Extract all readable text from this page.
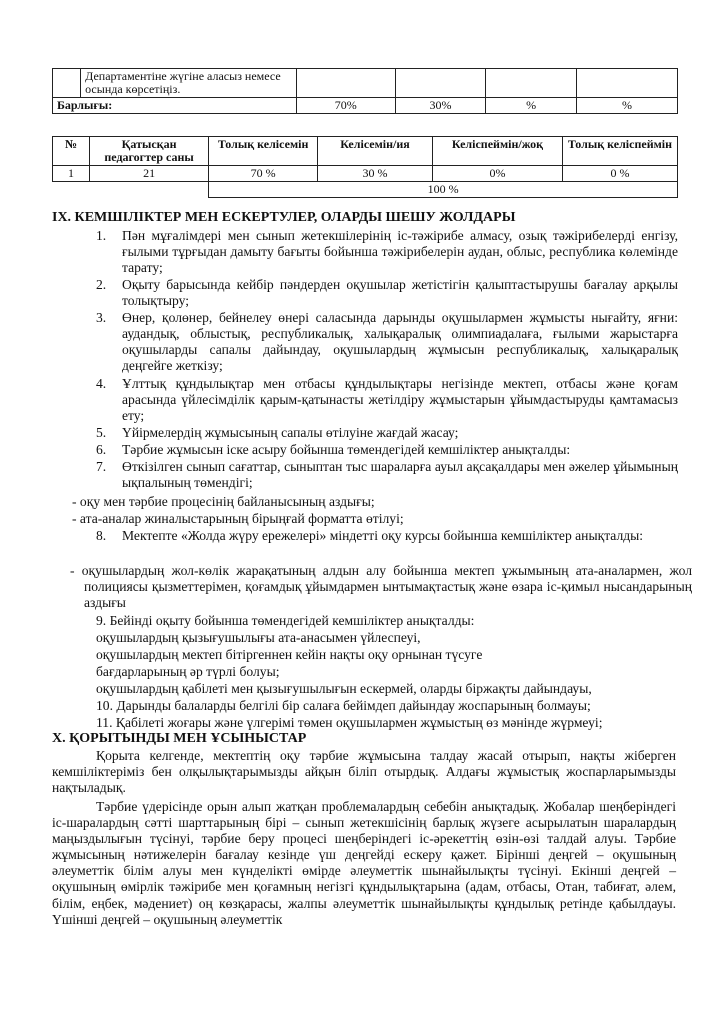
	Департаментіне жүгіне алаcыз немесе осында көрсетіңіз.				
Барлығы:		70%	30%	%	%
№	Қатысқан педагогтер саны	Толық келісемін	Келісемін/ия	Келіспеймін/жоқ	Толық келіспеймін
1	21	70 %	30 %	0%	0 %
		100 %			
IX. КЕМШІЛІКТЕР МЕН ЕСКЕРТУЛЕР, ОЛАРДЫ ШЕШУ ЖОЛДАРЫ
1. Пән мұғалімдері мен сынып жетекшілерінің іс-тәжірибе алмасу, озық тәжірибелерді енгізу, ғылыми тұрғыдан дамыту бағыты бойынша тәжірибелерін аудан, облыс, республика көлемінде тарату;
2. Оқыту барысында кейбір пәндерден оқушылар жетістігін қалыптастырушы бағалау арқылы толықтыру;
3. Өнер, қолөнер, бейнелеу өнері саласында дарынды оқушылармен жұмысты нығайту, яғни: аудандық, облыстық, республикалық, халықаралық олимпиадалаға, ғылыми жарыстарға оқушыларды сапалы дайындау, оқушылардың жұмысын республикалық, халықаралық деңгейге жеткізу;
4. Ұлттық құндылықтар мен отбасы құндылықтары негізінде мектеп, отбасы және қоғам арасында үйлесімділік қарым-қатынасты жетілдіру жұмыстарын ұйымдастыруды қамтамасыз ету;
5. Үйірмелердің жұмысының сапалы өтілуіне жағдай жасау;
6. Тәрбие жұмысын іске асыру бойынша төмендегідей кемшіліктер анықталды:
7. Өткізілген сынып сағаттар, сыныптан тыс шараларға ауыл ақсақалдары мен әжелер ұйымының ықпалының төмендігі;
- оқу мен тәрбие процесінің байланысының аздығы;
- ата-аналар жиналыстарының бірыңғай форматта өтілуі;
8. Мектепте «Жолда жүру ережелері» міндетті оқу курсы бойынша кемшіліктер анықталды:
- оқушылардың жол-көлік жарақатының алдын алу бойынша мектеп ұжымының ата-аналармен, жол полициясы қызметтерімен, қоғамдық ұйымдармен ынтымақтастық және өзара іс-қимыл нысандарының аздығы
9. Бейінді оқыту бойынша төмендегідей кемшіліктер анықталды:
оқушылардың қызығушылығы ата-анасымен үйлеспеуі,
оқушылардың мектеп бітіргеннен кейін нақты оқу орнынан түсуге
бағдарларының әр түрлі болуы;
оқушылардың қабілеті мен қызығушылығын ескермей, оларды біржақты дайындауы,
10. Дарынды балаларды белгілі бір салаға бейімдеп дайындау жоспарының болмауы;
11. Қабілеті жоғары және үлгерімі төмен оқушылармен жұмыстың өз мәнінде жүрмеуі;
X. ҚОРЫТЫНДЫ МЕН ҰСЫНЫСТАР
Қорыта келгенде, мектептің оқу тәрбие жұмысына талдау жасай отырып, нақты жіберген кемшіліктеріміз бен олқылықтарымызды айқын біліп отырдық. Алдағы жұмыстық жоспарларымызды нақтыладық.
Тәрбие үдерісінде орын алып жатқан проблемалардың себебін анықтадық. Жобалар шеңберіндегі іс-шаралардың сәтті шарттарының бірі – сынып жетекшісінің барлық жүзеге асырылатын шаралардың маңыздылығын түсінуі, тәрбие беру процесі шеңберіндегі іс-әрекеттің өзін-өзі талдай алуы. Тәрбие жұмысының нәтижелерін бағалау кезінде үш деңгейді ескеру қажет. Бірінші деңгей – оқушының әлеуметтік білім алуы мен күнделікті өмірде әлеуметтік шынайылықты түсінуі. Екінші деңгей – оқушының өмірлік тәжірибе мен қоғамның негізгі құндылықтарына (адам, отбасы, Отан, табиғат, әлем, білім, еңбек, мәдениет) оң көзқарасы, жалпы әлеуметтік шынайылықты құндылық ретінде қабылдауы. Үшінші деңгей – оқушының әлеуметтік
